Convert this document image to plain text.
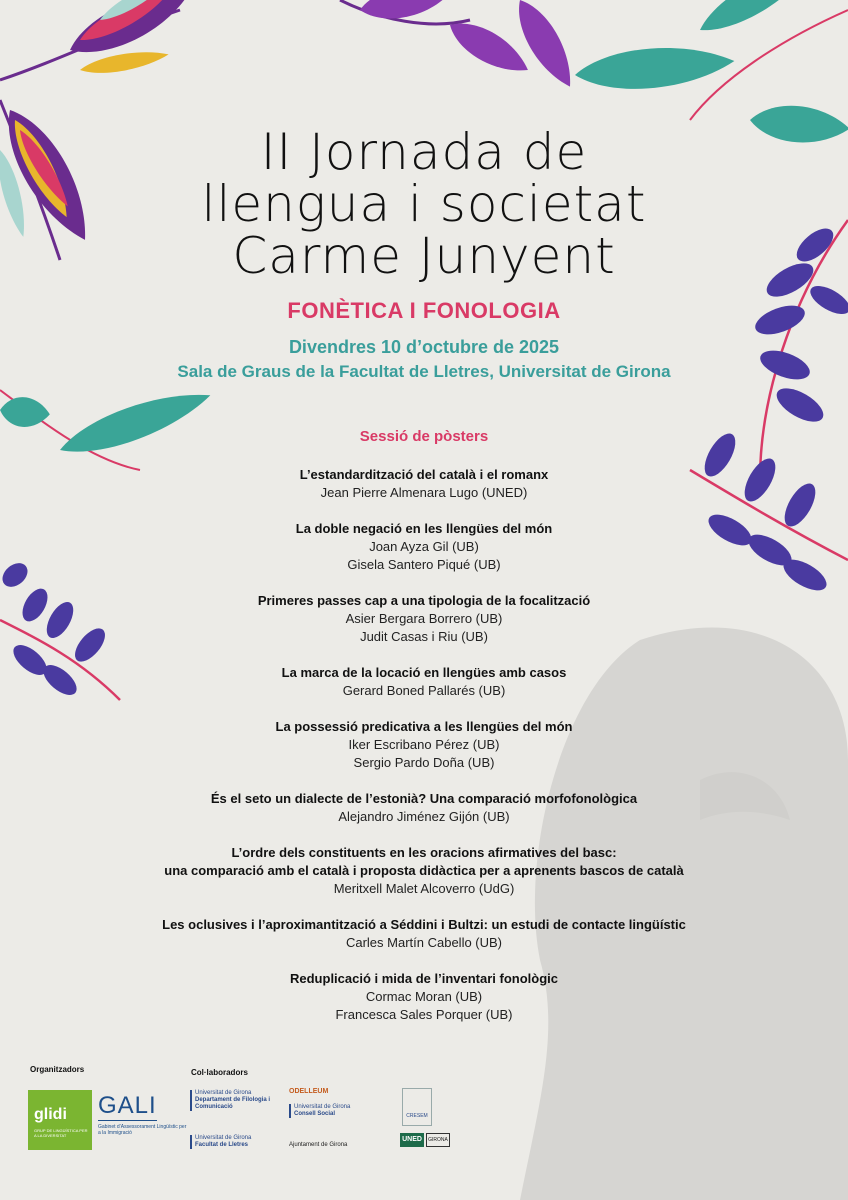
II Jornada de
llengua i societat
Carme Junyent
FONÈTICA I FONOLOGIA
Divendres 10 d’octubre de 2025
Sala de Graus de la Facultat de Lletres, Universitat de Girona
Sessió de pòsters
L’estandardització del català i el romanx
Jean Pierre Almenara Lugo (UNED)
La doble negació en les llengües del món
Joan Ayza Gil (UB)
Gisela Santero Piqué (UB)
Primeres passes cap a una tipologia de la focalització
Asier Bergara Borrero (UB)
Judit Casas i Riu (UB)
La marca de la locació en llengües amb casos
Gerard Boned Pallarés (UB)
La possessió predicativa a les llengües del món
Iker Escribano Pérez (UB)
Sergio Pardo Doña (UB)
És el seto un dialecte de l’estonià? Una comparació morfofonològica
Alejandro Jiménez Gijón (UB)
L’ordre dels constituents en les oracions afirmatives del basc:
una comparació amb el català i proposta didàctica per a aprenents bascos de català
Meritxell Malet Alcoverro (UdG)
Les oclusives i l’aproximantització a Séddini i Bultzi: un estudi de contacte lingüístic
Carles Martín Cabello (UB)
Reduplicació i mida de l’inventari fonològic
Cormac Moran (UB)
Francesca Sales Porquer (UB)
Organitzadors	Col·laboradors
glidi
GRUP DE LINGÜÍSTICA PER A LA DIVERSITAT
GALI
Gabinet d’Assessorament Lingüístic per a la Immigració
Universitat de Girona
Departament de Filologia i Comunicació
Universitat de Girona
Facultat de Lletres
ODELLEUM
Universitat de Girona
Consell Social
Ajuntament de Girona
CRESEM
UNED	GIRONA
